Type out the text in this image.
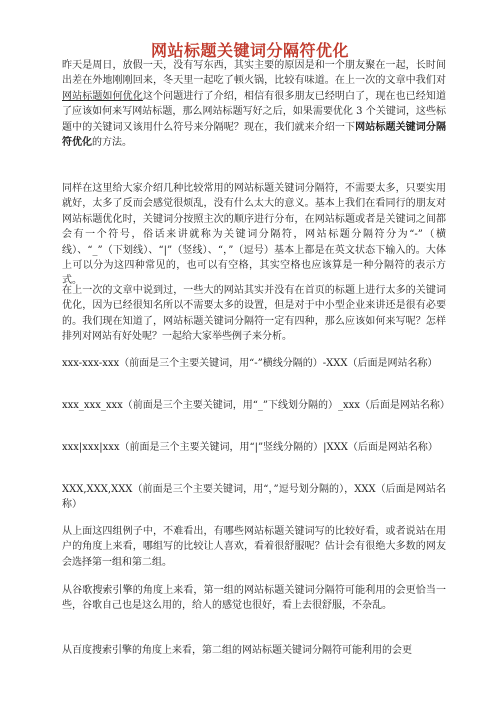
网站标题关键词分隔符优化
昨天是周日，放假一天，没有写东西，其实主要的原因是和一个朋友聚在一起，长时间出差在外地刚刚回来，冬天里一起吃了顿火锅，比较有味道。在上一次的文章中我们对网站标题如何优化这个问题进行了介绍，相信有很多朋友已经明白了，现在也已经知道了应该如何来写网站标题，那么网站标题写好之后，如果需要优化 3 个关键词，这些标题中的关键词又该用什么符号来分隔呢？现在，我们就来介绍一下网站标题关键词分隔符优化的方法。
同样在这里给大家介绍几种比较常用的网站标题关键词分隔符，不需要太多，只要实用就好，太多了反而会感觉很烦乱，没有什么太大的意义。基本上我们在看同行的朋友对网站标题优化时，关键词分按照主次的顺序进行分布，在网站标题或者是关键词之间都会有一个符号，俗话来讲就称为关键词分隔符，网站标题分隔符分为“-”（横线）、“_”（下划线）、“|”（竖线）、“，”（逗号）基本上都是在英文状态下输入的。大体上可以分为这四种常见的，也可以有空格，其实空格也应该算是一种分隔符的表示方式。
在上一次的文章中说到过，一些大的网站其实并没有在首页的标题上进行太多的关键词优化，因为已经很知名所以不需要太多的设置，但是对于中小型企业来讲还是很有必要的。我们现在知道了，网站标题关键词分隔符一定有四种，那么应该如何来写呢？怎样排列对网站有好处呢？一起给大家举些例子来分析。
xxx-xxx-xxx（前面是三个主要关键词，用“-”横线分隔的）-XXX（后面是网站名称）
xxx_xxx_xxx（前面是三个主要关键词，用“_”下线划分隔的）_xxx（后面是网站名称）
xxx|xxx|xxx（前面是三个主要关键词，用“|”竖线分隔的）|XXX（后面是网站名称）
XXX,XXX,XXX（前面是三个主要关键词，用“，”逗号划分隔的），XXX（后面是网站名称）
从上面这四组例子中，不难看出，有哪些网站标题关键词写的比较好看，或者说站在用户的角度上来看，哪组写的比较让人喜欢，看着很舒服呢？估计会有很绝大多数的网友会选择第一组和第二组。
从谷歌搜索引擎的角度上来看，第一组的网站标题关键词分隔符可能利用的会更恰当一些，谷歌自己也是这么用的，给人的感觉也很好，看上去很舒服，不杂乱。
从百度搜索引擎的角度上来看，第二组的网站标题关键词分隔符可能利用的会更
